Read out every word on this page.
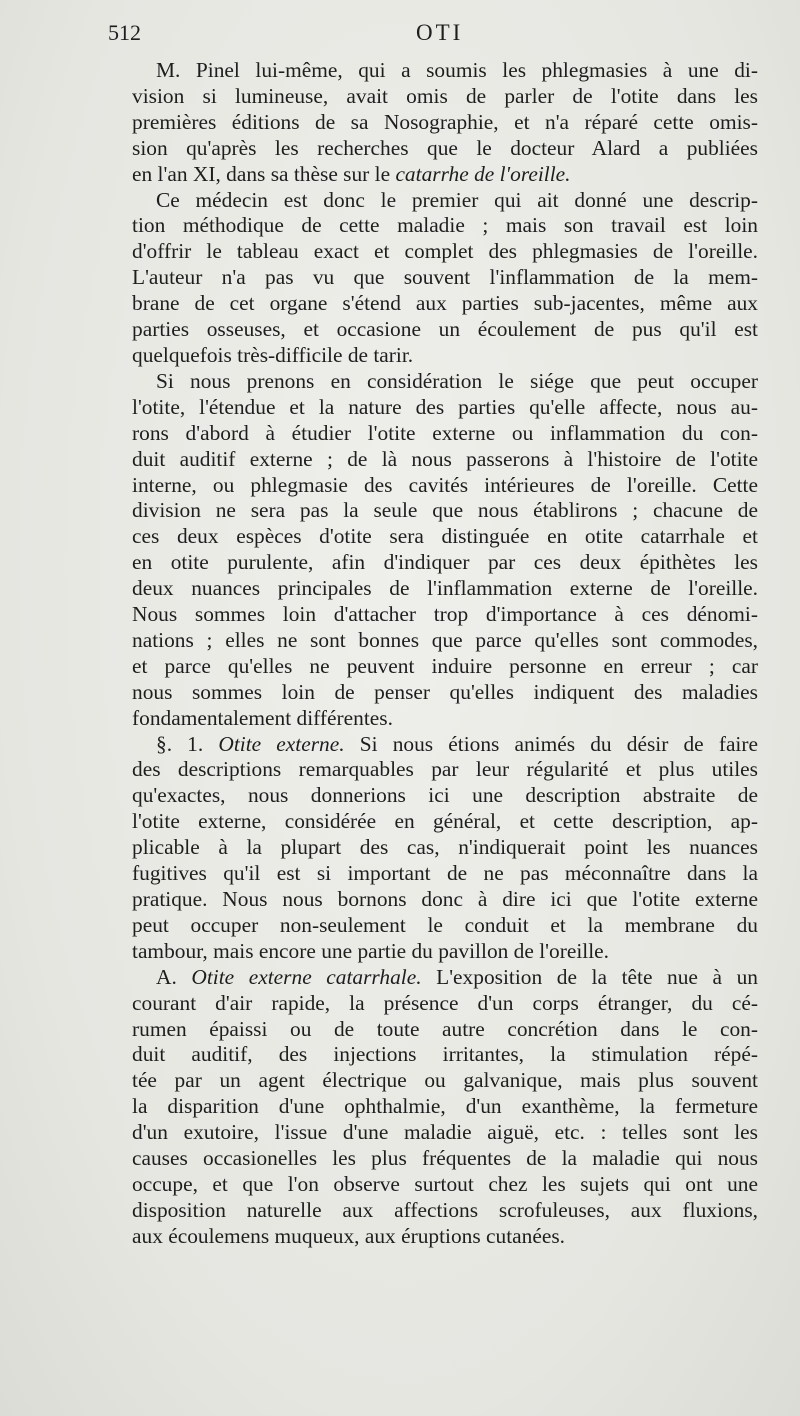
512	OTI
M. Pinel lui-même, qui a soumis les phlegmasies à une di-
vision si lumineuse, avait omis de parler de l'otite dans les
premières éditions de sa Nosographie, et n'a réparé cette omis-
sion qu'après les recherches que le docteur Alard a publiées
en l'an XI, dans sa thèse sur le catarrhe de l'oreille.
Ce médecin est donc le premier qui ait donné une descrip-
tion méthodique de cette maladie ; mais son travail est loin
d'offrir le tableau exact et complet des phlegmasies de l'oreille.
L'auteur n'a pas vu que souvent l'inflammation de la mem-
brane de cet organe s'étend aux parties sub-jacentes, même aux
parties osseuses, et occasione un écoulement de pus qu'il est
quelquefois très-difficile de tarir.
Si nous prenons en considération le siége que peut occuper
l'otite, l'étendue et la nature des parties qu'elle affecte, nous au-
rons d'abord à étudier l'otite externe ou inflammation du con-
duit auditif externe ; de là nous passerons à l'histoire de l'otite
interne, ou phlegmasie des cavités intérieures de l'oreille. Cette
division ne sera pas la seule que nous établirons ; chacune de
ces deux espèces d'otite sera distinguée en otite catarrhale et
en otite purulente, afin d'indiquer par ces deux épithètes les
deux nuances principales de l'inflammation externe de l'oreille.
Nous sommes loin d'attacher trop d'importance à ces dénomi-
nations ; elles ne sont bonnes que parce qu'elles sont commodes,
et parce qu'elles ne peuvent induire personne en erreur ; car
nous sommes loin de penser qu'elles indiquent des maladies
fondamentalement différentes.
§. 1. Otite externe. Si nous étions animés du désir de faire
des descriptions remarquables par leur régularité et plus utiles
qu'exactes, nous donnerions ici une description abstraite de
l'otite externe, considérée en général, et cette description, ap-
plicable à la plupart des cas, n'indiquerait point les nuances
fugitives qu'il est si important de ne pas méconnaître dans la
pratique. Nous nous bornons donc à dire ici que l'otite externe
peut occuper non-seulement le conduit et la membrane du
tambour, mais encore une partie du pavillon de l'oreille.
A. Otite externe catarrhale. L'exposition de la tête nue à un
courant d'air rapide, la présence d'un corps étranger, du cé-
rumen épaissi ou de toute autre concrétion dans le con-
duit auditif, des injections irritantes, la stimulation répé-
tée par un agent électrique ou galvanique, mais plus souvent
la disparition d'une ophthalmie, d'un exanthème, la fermeture
d'un exutoire, l'issue d'une maladie aiguë, etc. : telles sont les
causes occasionelles les plus fréquentes de la maladie qui nous
occupe, et que l'on observe surtout chez les sujets qui ont une
disposition naturelle aux affections scrofuleuses, aux fluxions,
aux écoulemens muqueux, aux éruptions cutanées.
